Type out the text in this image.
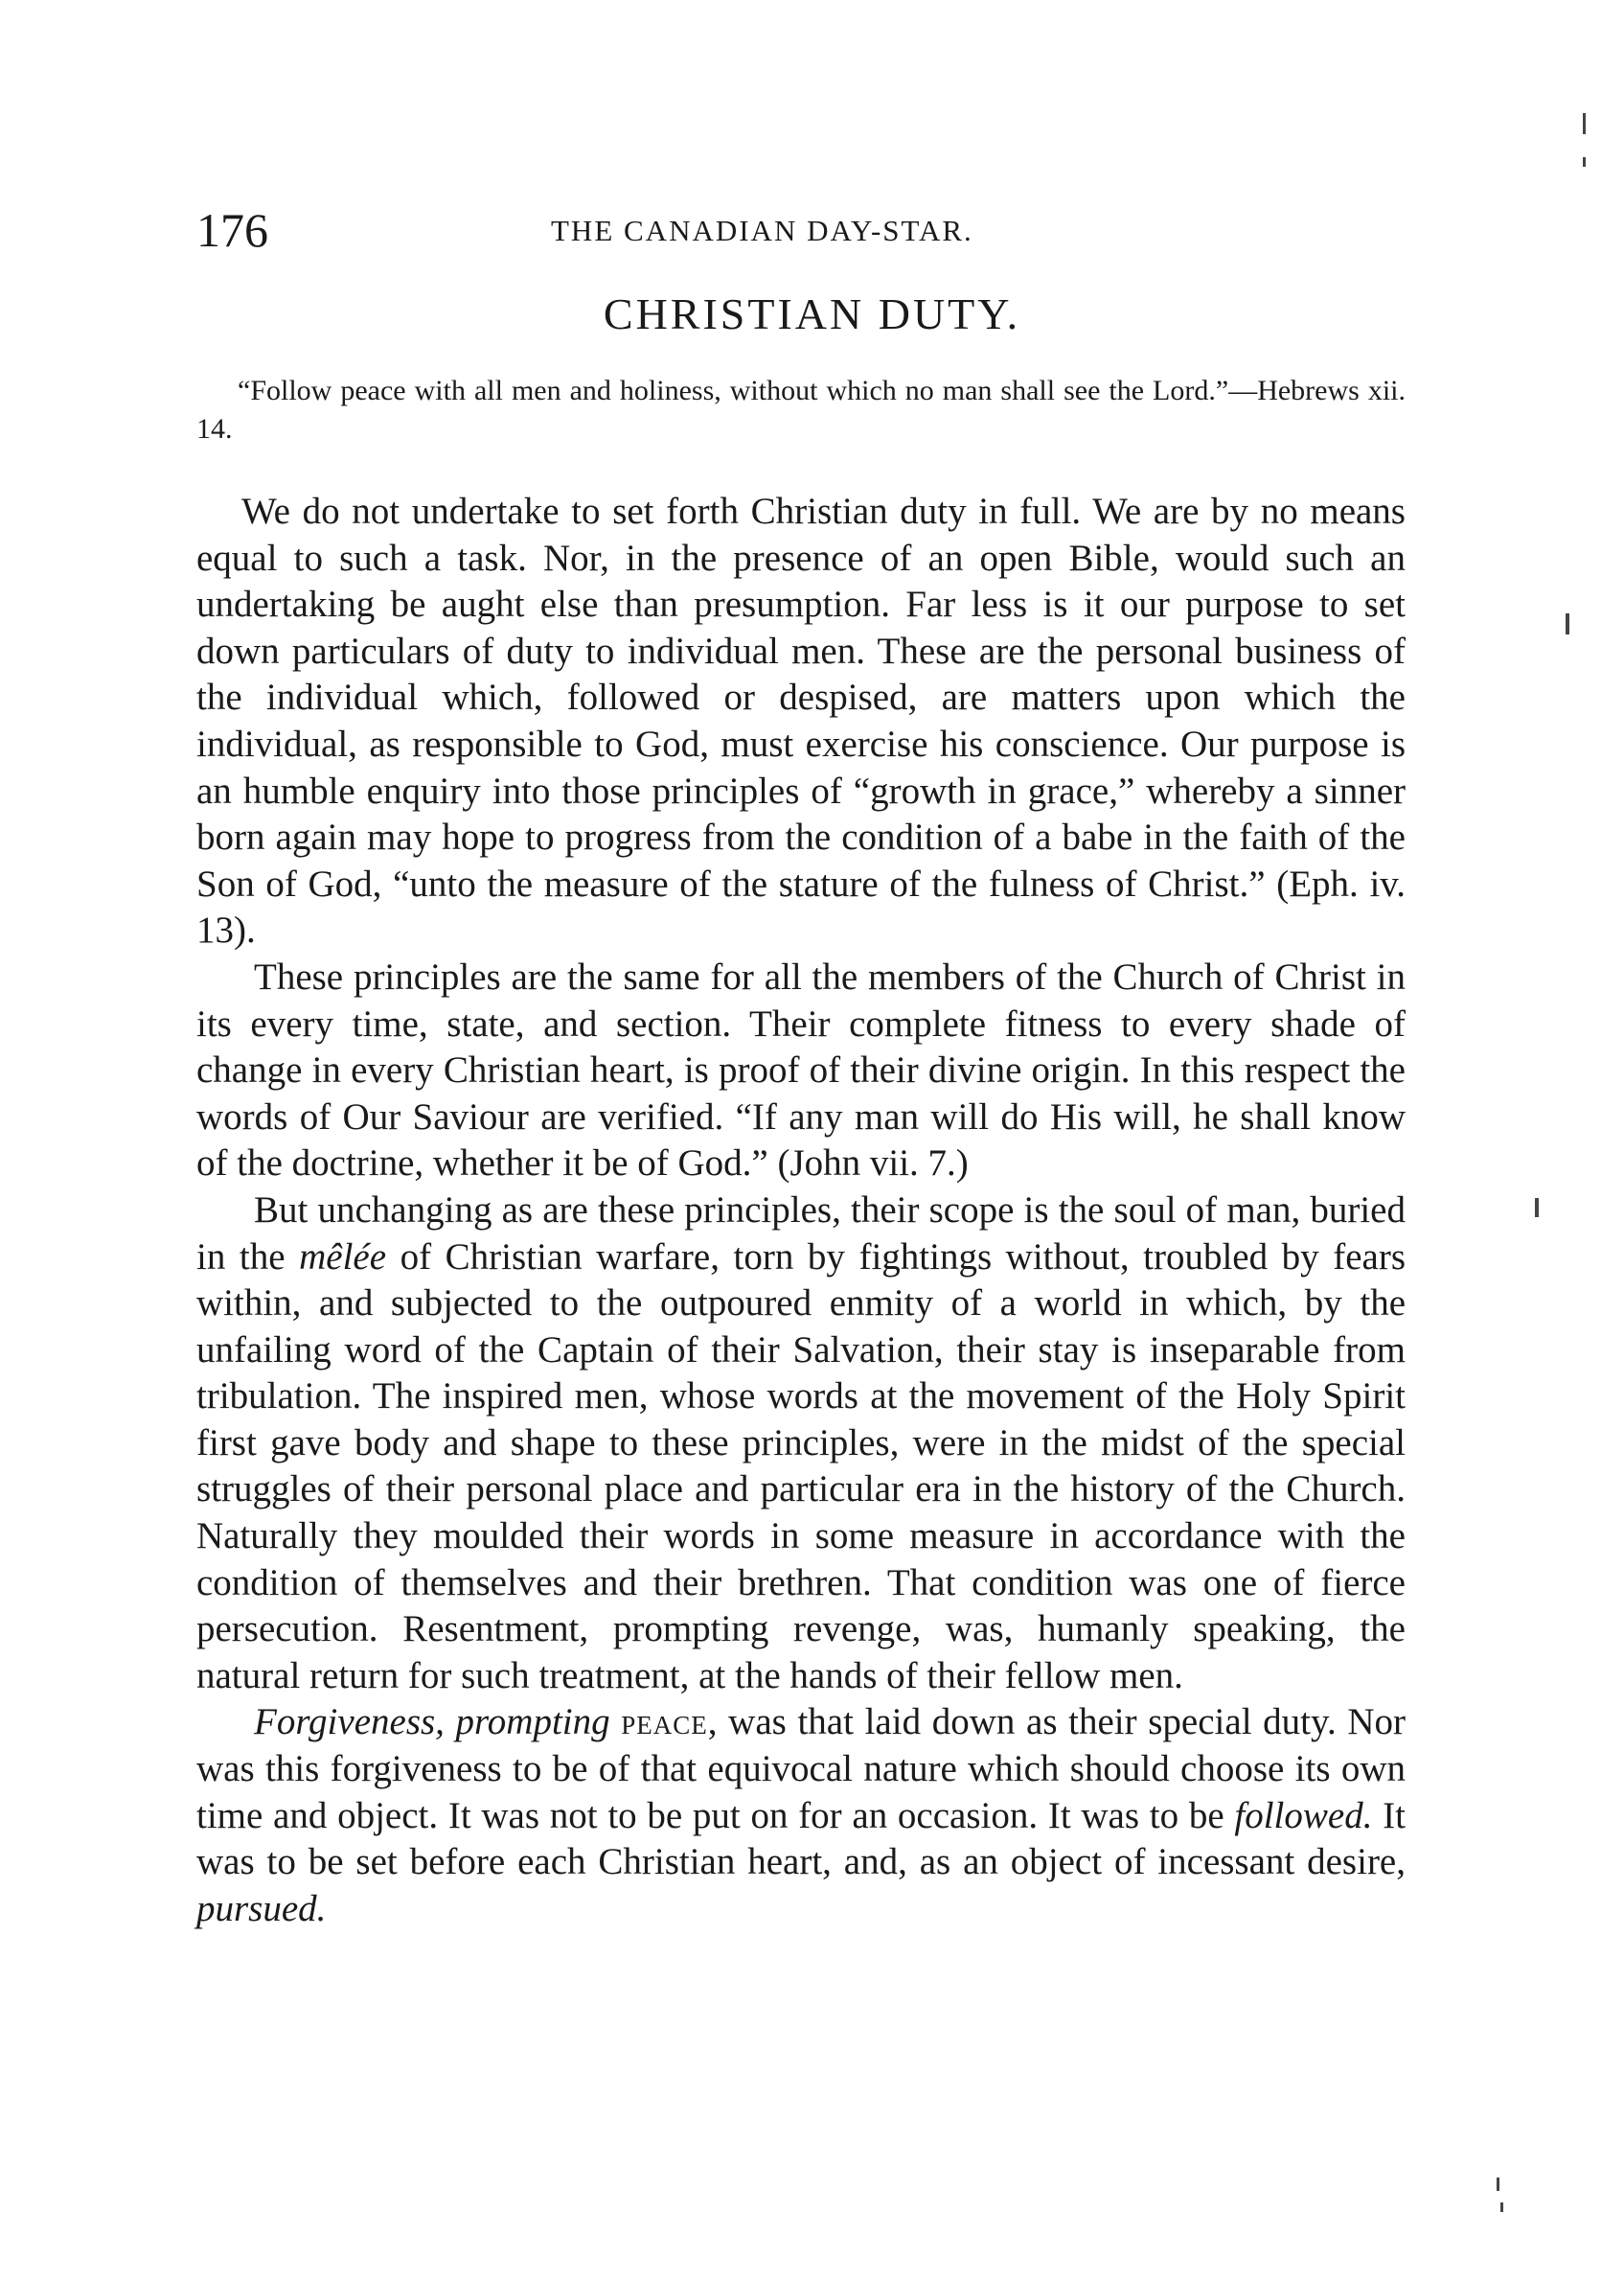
176	THE CANADIAN DAY-STAR.
CHRISTIAN DUTY.
“Follow peace with all men and holiness, without which no man shall see the Lord.”—Hebrews xii. 14.

We do not undertake to set forth Christian duty in full. We are by no means equal to such a task. Nor, in the presence of an open Bible, would such an undertaking be aught else than presumption. Far less is it our purpose to set down particulars of duty to individual men. These are the personal business of the individual which, followed or despised, are matters upon which the individual, as responsible to God, must exercise his conscience. Our purpose is an humble enquiry into those principles of “growth in grace,” whereby a sinner born again may hope to progress from the condition of a babe in the faith of the Son of God, “unto the measure of the stature of the fulness of Christ.” (Eph. iv. 13).

These principles are the same for all the members of the Church of Christ in its every time, state, and section. Their complete fitness to every shade of change in every Christian heart, is proof of their divine origin. In this respect the words of Our Saviour are verified. “If any man will do His will, he shall know of the doctrine, whether it be of God.” (John vii. 7.)

But unchanging as are these principles, their scope is the soul of man, buried in the mêlée of Christian warfare, torn by fightings without, troubled by fears within, and subjected to the outpoured enmity of a world in which, by the unfailing word of the Captain of their Salvation, their stay is inseparable from tribulation. The inspired men, whose words at the movement of the Holy Spirit first gave body and shape to these principles, were in the midst of the special struggles of their personal place and particular era in the history of the Church. Naturally they moulded their words in some measure in accordance with the condition of themselves and their brethren. That condition was one of fierce persecution. Resentment, prompting revenge, was, humanly speaking, the natural return for such treatment, at the hands of their fellow men.

Forgiveness, prompting peace, was that laid down as their special duty. Nor was this forgiveness to be of that equivocal nature which should choose its own time and object. It was not to be put on for an occasion. It was to be followed. It was to be set before each Christian heart, and, as an object of incessant desire, pursued.
